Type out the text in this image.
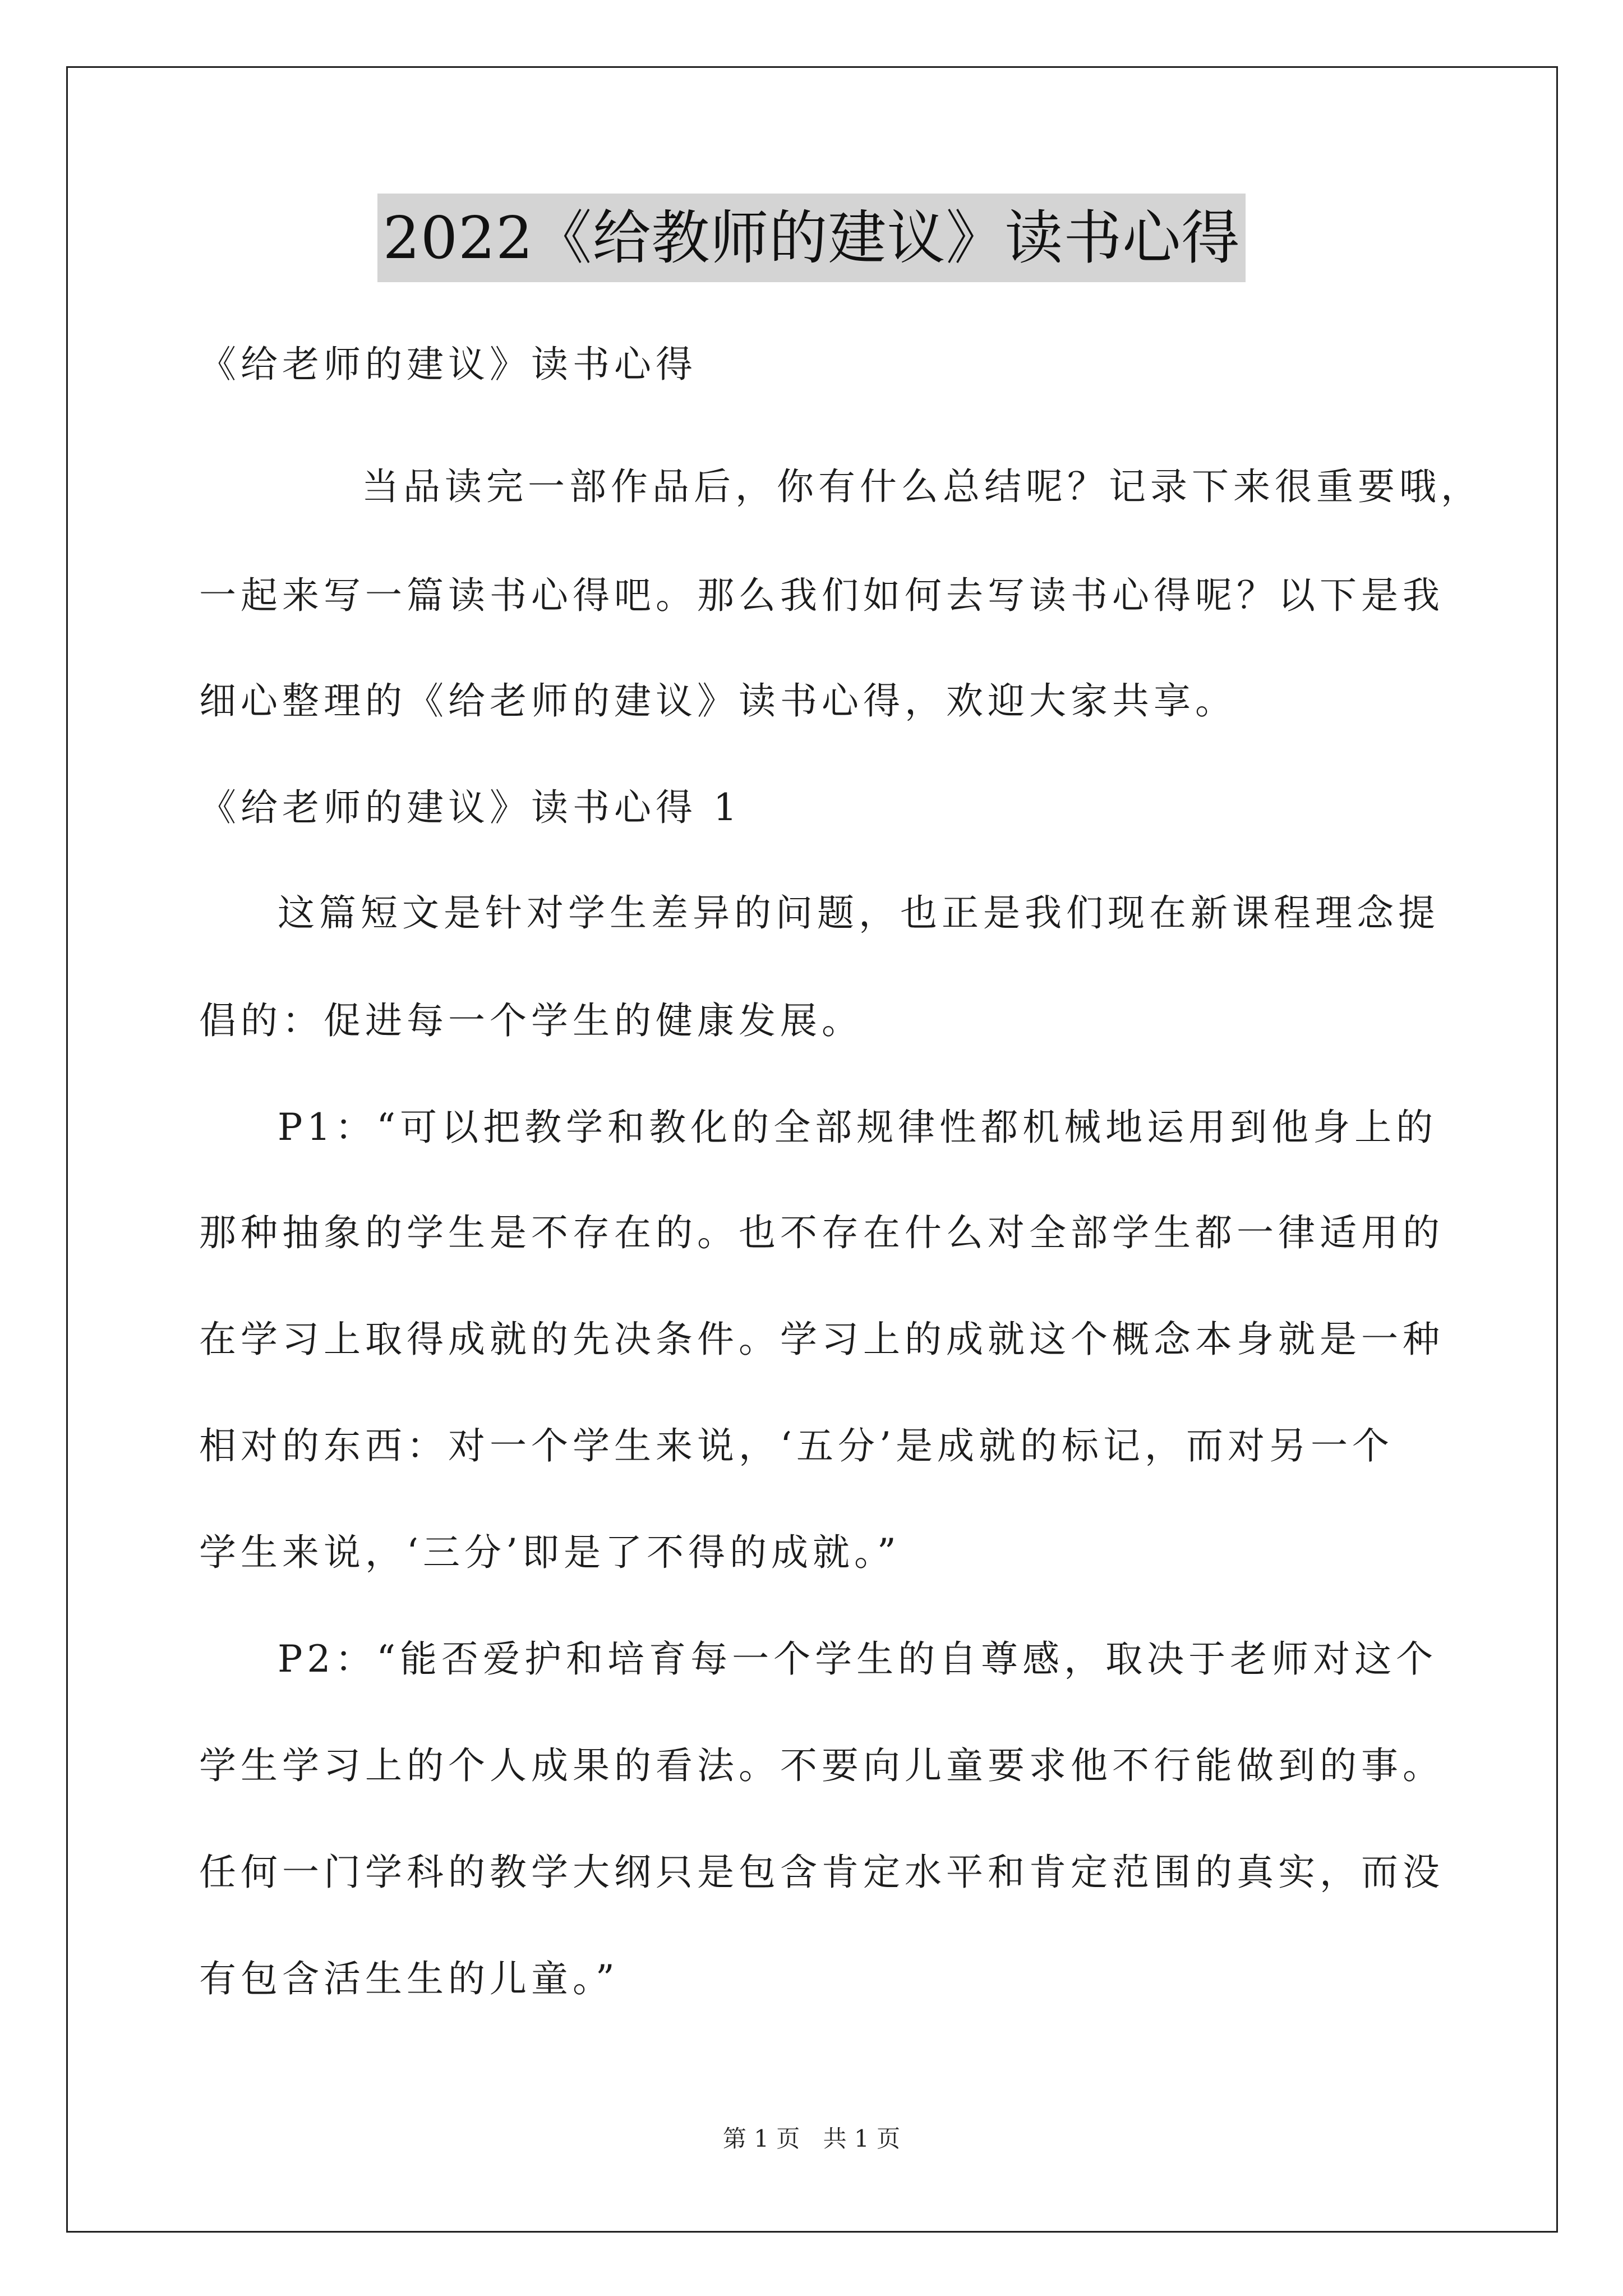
2022《给教师的建议》读书心得
《给老师的建议》读书心得
当品读完一部作品后，你有什么总结呢？记录下来很重要哦，
一起来写一篇读书心得吧。那么我们如何去写读书心得呢？以下是我
细心整理的《给老师的建议》读书心得，欢迎大家共享。
《给老师的建议》读书心得 1
这篇短文是针对学生差异的问题，也正是我们现在新课程理念提
倡的：促进每一个学生的健康发展。
P1：“可以把教学和教化的全部规律性都机械地运用到他身上的
那种抽象的学生是不存在的。也不存在什么对全部学生都一律适用的
在学习上取得成就的先决条件。学习上的成就这个概念本身就是一种
相对的东西：对一个学生来说，‘五分’是成就的标记，而对另一个
学生来说，‘三分’即是了不得的成就。”
P2：“能否爱护和培育每一个学生的自尊感，取决于老师对这个
学生学习上的个人成果的看法。不要向儿童要求他不行能做到的事。
任何一门学科的教学大纲只是包含肯定水平和肯定范围的真实，而没
有包含活生生的儿童。”
第 1 页 共 1 页
